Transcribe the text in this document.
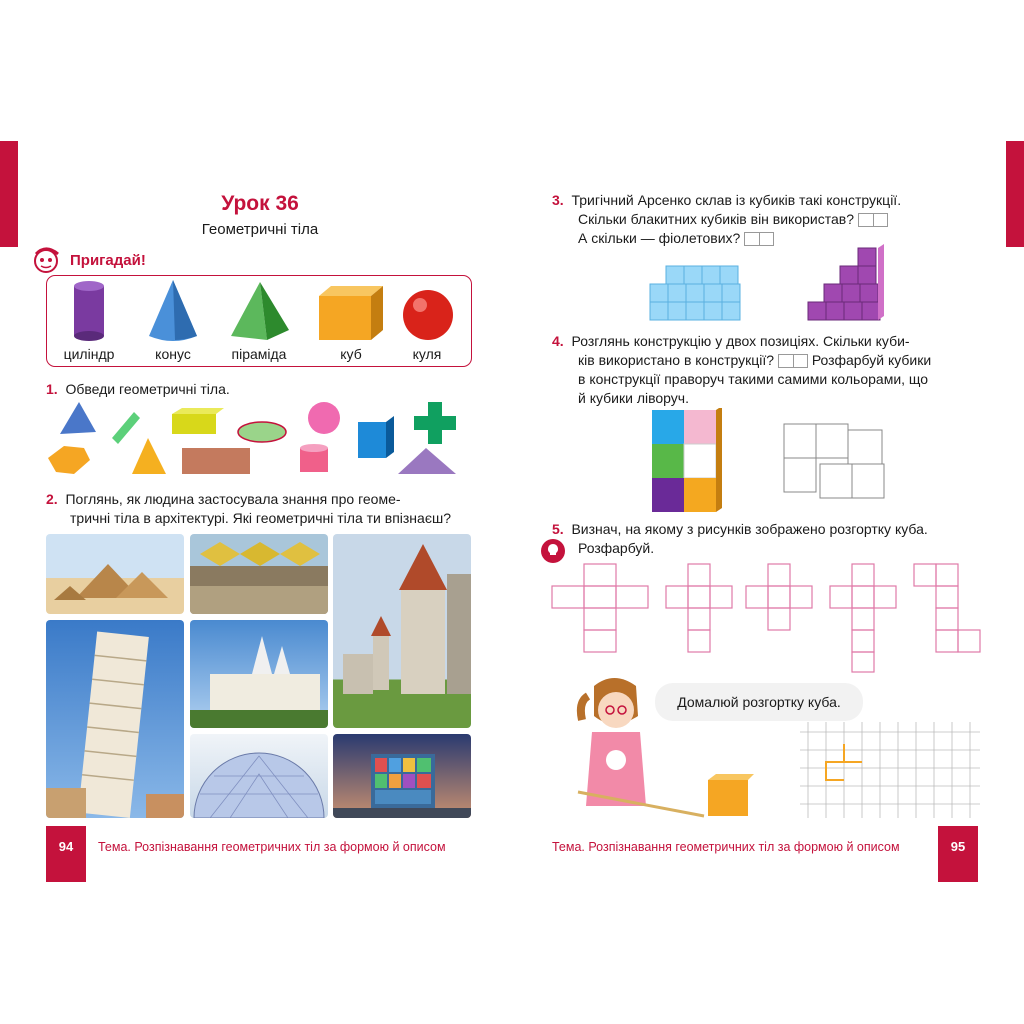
Урок 36
Геометричні тіла
Пригадай!
циліндр	конус	піраміда	куб	куля
1. Обведи геометричні тіла.
2. Поглянь, як людина застосувала знання про геоме-
тричні тіла в архітектурі. Які геометричні тіла ти впізнаєш?
94	Тема. Розпізнавання геометричних тіл за формою й описом
3. Тригічний Арсенко склав із кубиків такі конструкції.
Скільки блакитних кубиків він використав?
А скільки — фіолетових?
4. Розглянь конструкцію у двох позиціях. Скільки куби-
ків використано в конструкції?	Розфарбуй кубики
в конструкції праворуч такими самими кольорами, що
й кубики ліворуч.
5. Визнач, на якому з рисунків зображено розгортку куба.
Розфарбуй.
Домалюй розгортку куба.
Тема. Розпізнавання геометричних тіл за формою й описом	95
